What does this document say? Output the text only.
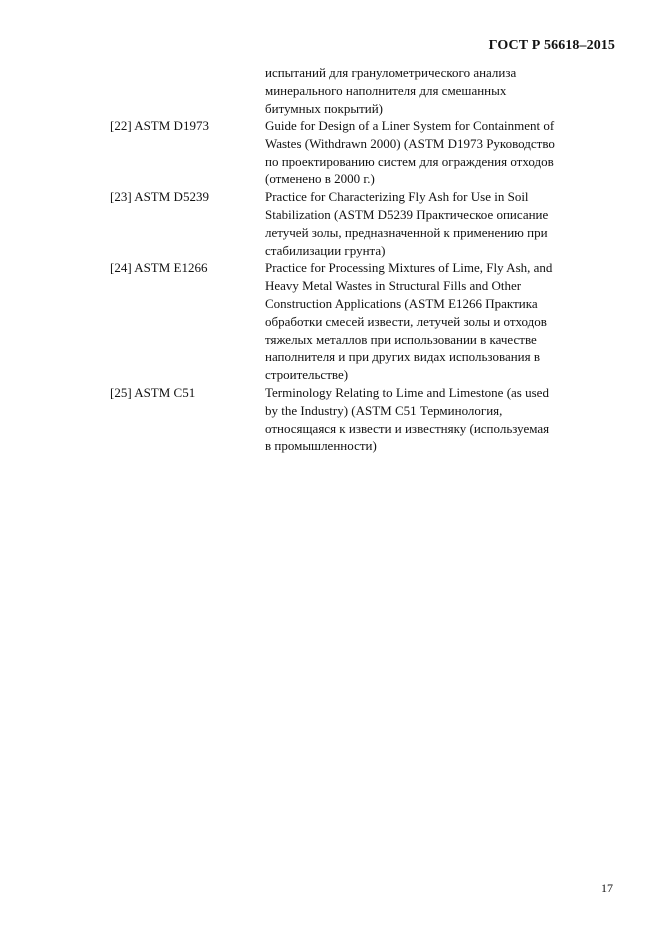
ГОСТ Р 56618–2015
испытаний для гранулометрического анализа
минерального наполнителя для смешанных
битумных покрытий)
[22] ASTM D1973	Guide for Design of a Liner System for Containment of
Wastes (Withdrawn 2000) (ASTM D1973 Руководство
по проектированию систем для ограждения отходов
(отменено в 2000 г.)
[23] ASTM D5239	Practice for Characterizing Fly Ash for Use in Soil
Stabilization (ASTM D5239 Практическое описание
летучей золы, предназначенной к применению при
стабилизации грунта)
[24] ASTM E1266	Practice for Processing Mixtures of Lime, Fly Ash, and
Heavy Metal Wastes in Structural Fills and Other
Construction Applications (ASTM E1266 Практика
обработки смесей извести, летучей золы и отходов
тяжелых металлов при использовании в качестве
наполнителя и при других видах использования в
строительстве)
[25] ASTM C51	Terminology Relating to Lime and Limestone (as used
by the Industry) (ASTM C51 Терминология,
относящаяся к извести и известняку (используемая
в промышленности)
17
